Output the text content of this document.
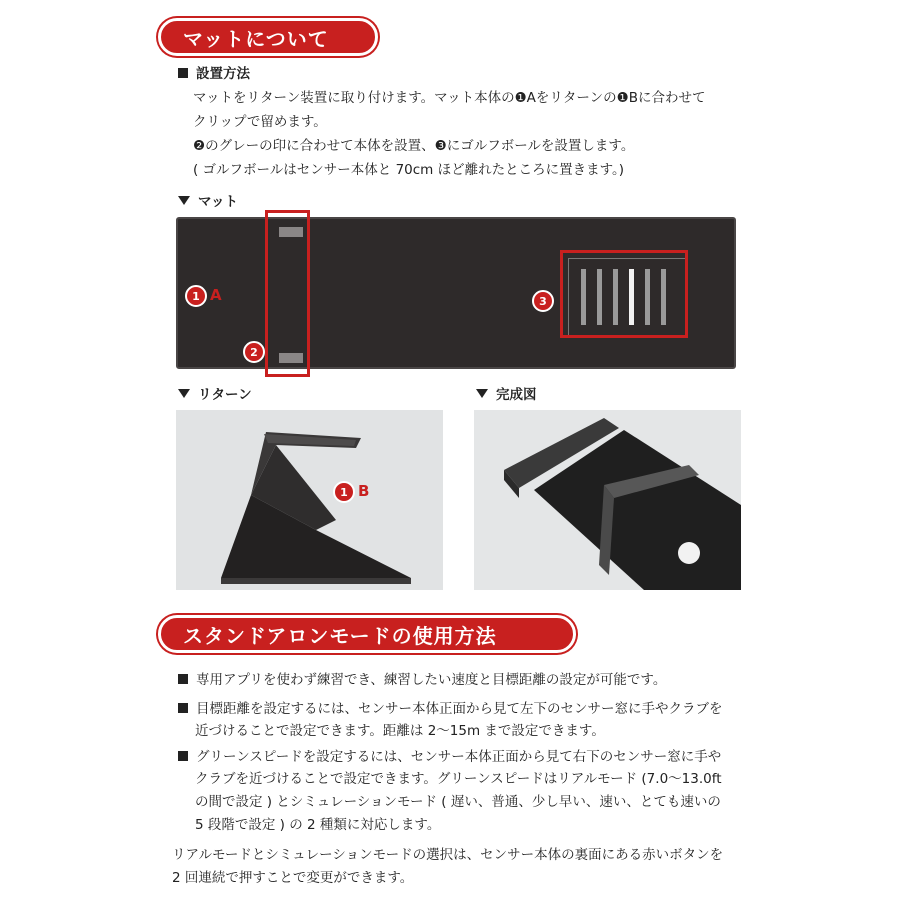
マットについて
設置方法
マットをリターン装置に取り付けます。マット本体の❶Aをリターンの❶Bに合わせて
クリップで留めます。
❷のグレーの印に合わせて本体を設置、❸にゴルフボールを設置します。
( ゴルフボールはセンサー本体と 70cm ほど離れたところに置きます。)
マット
1 A
2
3
リターン	完成図
1 B
スタンドアロンモードの使用方法
専用アプリを使わず練習でき、練習したい速度と目標距離の設定が可能です。
目標距離を設定するには、センサー本体正面から見て左下のセンサー窓に手やクラブを
近づけることで設定できます。距離は 2〜15m まで設定できます。
グリーンスピードを設定するには、センサー本体正面から見て右下のセンサー窓に手や
クラブを近づけることで設定できます。グリーンスピードはリアルモード (7.0〜13.0ft
の間で設定 ) とシミュレーションモード ( 遅い、普通、少し早い、速い、とても速いの
5 段階で設定 ) の 2 種類に対応します。
リアルモードとシミュレーションモードの選択は、センサー本体の裏面にある赤いボタンを
2 回連続で押すことで変更ができます。
